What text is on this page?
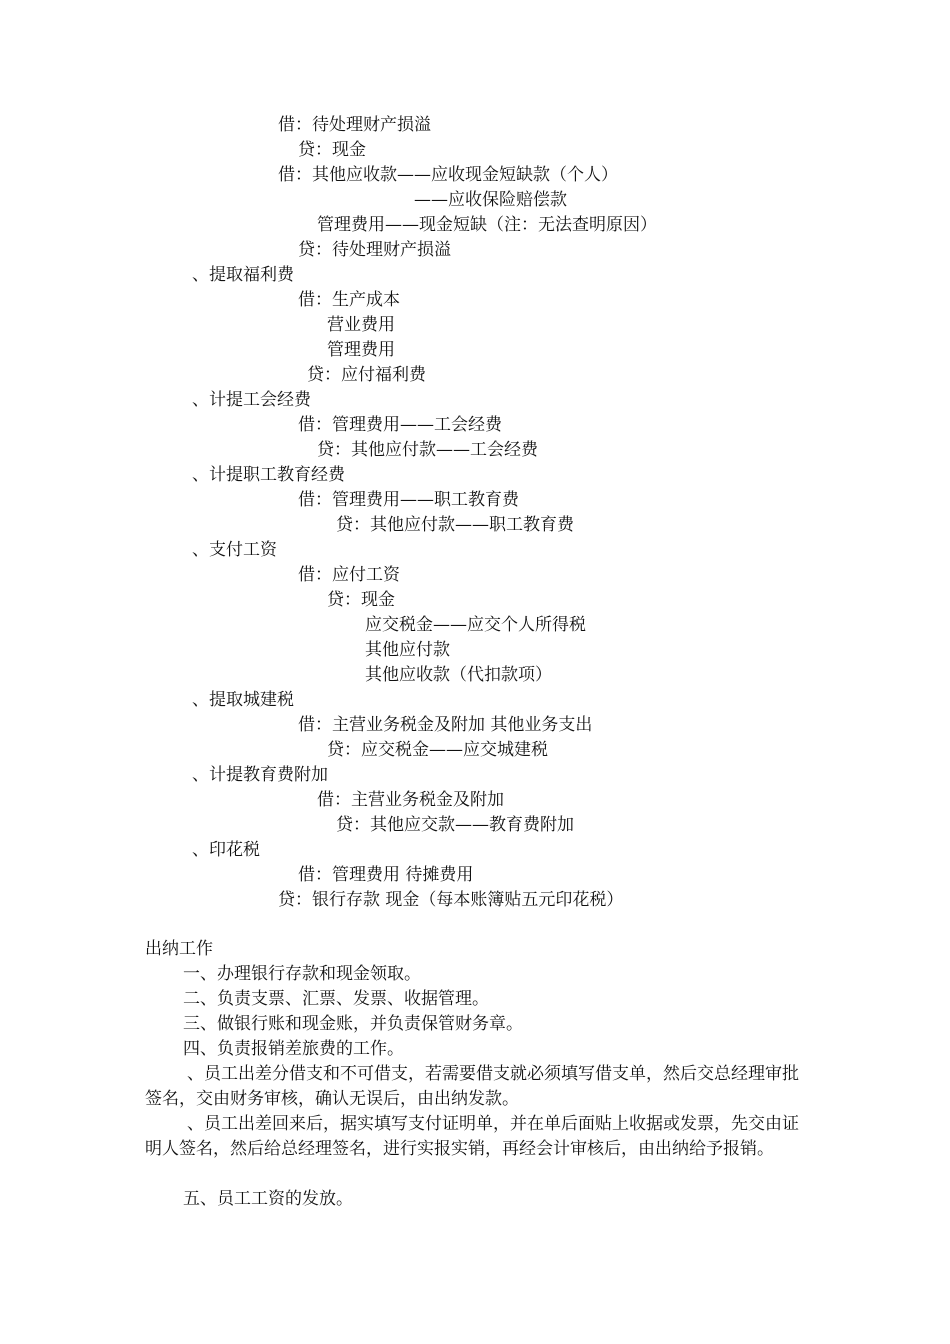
借：待处理财产损溢
贷：现金
借：其他应收款——应收现金短缺款（个人）
——应收保险赔偿款
管理费用——现金短缺（注：无法查明原因）
贷：待处理财产损溢
、提取福利费
借：生产成本
营业费用
管理费用
贷：应付福利费
、计提工会经费
借：管理费用——工会经费
贷：其他应付款——工会经费
、计提职工教育经费
借：管理费用——职工教育费
贷：其他应付款——职工教育费
、支付工资
借：应付工资
贷：现金
应交税金——应交个人所得税
其他应付款
其他应收款（代扣款项）
、提取城建税
借：主营业务税金及附加 其他业务支出
贷：应交税金——应交城建税
、计提教育费附加
借：主营业务税金及附加
贷：其他应交款——教育费附加
、印花税
借：管理费用 待摊费用
贷：银行存款 现金（每本账簿贴五元印花税）
出纳工作
一、办理银行存款和现金领取。
二、负责支票、汇票、发票、收据管理。
三、做银行账和现金账，并负责保管财务章。
四、负责报销差旅费的工作。
、员工出差分借支和不可借支，若需要借支就必须填写借支单，然后交总经理审批签名，交由财务审核，确认无误后，由出纳发款。
、员工出差回来后，据实填写支付证明单，并在单后面贴上收据或发票，先交由证明人签名，然后给总经理签名，进行实报实销，再经会计审核后，由出纳给予报销。
五、员工工资的发放。
